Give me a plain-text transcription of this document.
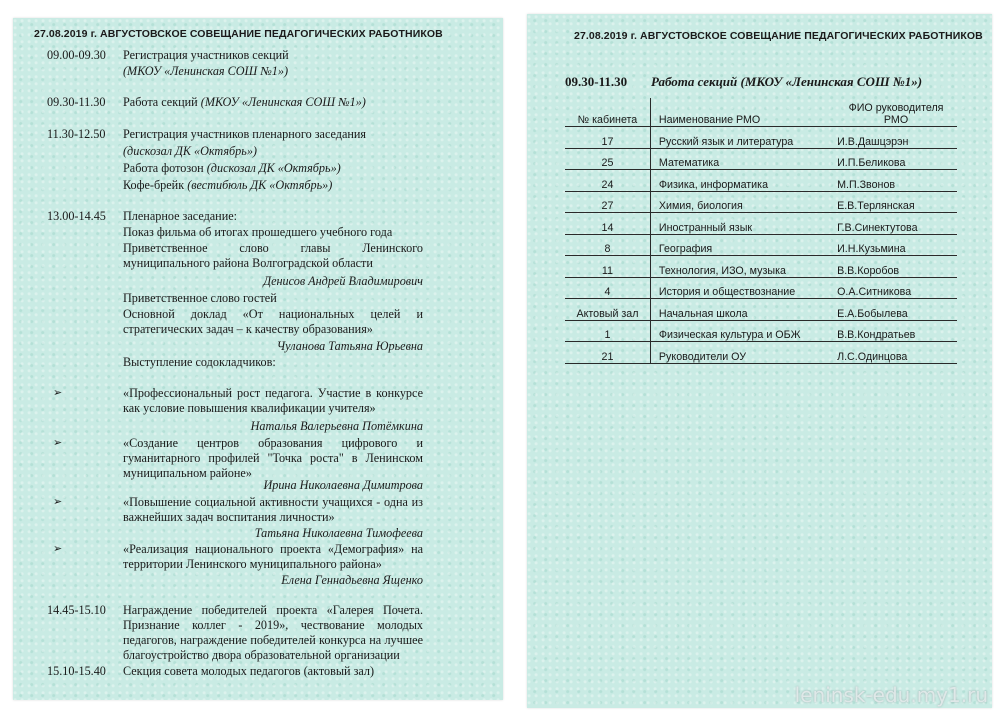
27.08.2019 г. АВГУСТОВСКОЕ СОВЕЩАНИЕ ПЕДАГОГИЧЕСКИХ РАБОТНИКОВ
09.00-09.30 Регистрация участников секций
(МКОУ «Ленинская СОШ №1»)
09.30-11.30 Работа секций (МКОУ «Ленинская СОШ №1»)
11.30-12.50 Регистрация участников пленарного заседания
(дискозал ДК «Октябрь»)
Работа фотозон (дискозал ДК «Октябрь»)
Кофе-брейк (вестибюль ДК «Октябрь»)
13.00-14.45 Пленарное заседание:
Показ фильма об итогах прошедшего учебного года
Приветственное слово главы Ленинского муниципального района Волгоградской области
Денисов Андрей Владимирович
Приветственное слово гостей
Основной доклад «От национальных целей и стратегических задач – к качеству образования»
Чуланова Татьяна Юрьевна
Выступление содокладчиков:
➢	«Профессиональный рост педагога. Участие в конкурсе как условие повышения квалификации учителя»
Наталья Валерьевна Потёмкина
➢	«Создание центров образования цифрового и гуманитарного профилей "Точка роста" в Ленинском муниципальном районе»
Ирина Николаевна Димитрова
➢	«Повышение социальной активности учащихся - одна из важнейших задач воспитания личности»
Татьяна Николаевна Тимофеева
➢	«Реализация национального проекта «Демография» на территории Ленинского муниципального района»
Елена Геннадьевна Ященко
14.45-15.10 Награждение победителей проекта «Галерея Почета. Признание коллег - 2019», чествование молодых педагогов, награждение победителей конкурса на лучшее благоустройство двора образовательной организации
15.10-15.40 Секция совета молодых педагогов (актовый зал)
27.08.2019 г. АВГУСТОВСКОЕ СОВЕЩАНИЕ ПЕДАГОГИЧЕСКИХ РАБОТНИКОВ
09.30-11.30 Работа секций (МКОУ «Ленинская СОШ №1»)
№ кабинета	Наименование РМО	ФИО руководителя РМО
17	Русский язык и литература	И.В.Дашцэрэн
25	Математика	И.П.Беликова
24	Физика, информатика	М.П.Звонов
27	Химия, биология	Е.В.Терлянская
14	Иностранный язык	Г.В.Синектутова
8	География	И.Н.Кузьмина
11	Технология, ИЗО, музыка	В.В.Коробов
4	История и обществознание	О.А.Ситникова
Актовый зал	Начальная школа	Е.А.Бобылева
1	Физическая культура и ОБЖ	В.В.Кондратьев
21	Руководители ОУ	Л.С.Одинцова
leninsk-edu.my1.ru
